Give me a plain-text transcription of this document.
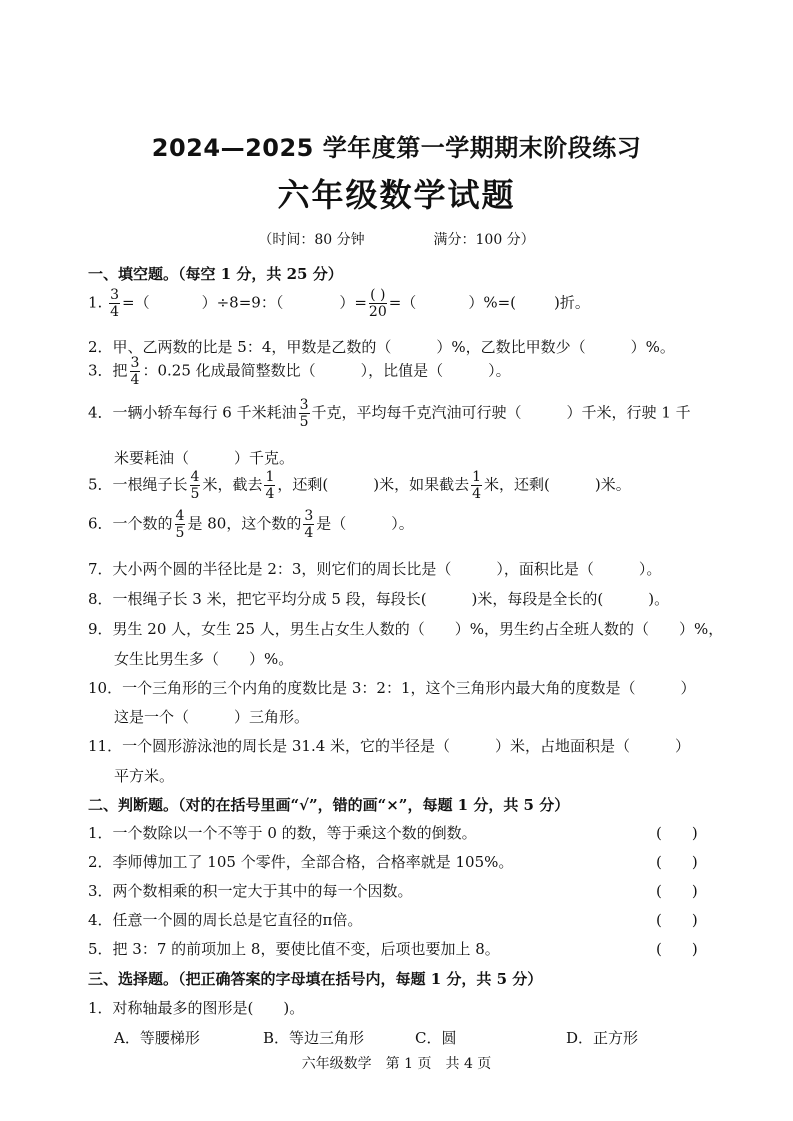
2024—2025 学年度第一学期期末阶段练习
六年级数学试题
（时间：80 分钟	满分：100 分）
一、填空题。（每空 1 分，共 25 分）
1. $\frac{3}{4}$ =（	）÷8=9：（	）= $\frac{( )}{20}$ =（	）%=(	)折。
2．甲、乙两数的比是 5：4，甲数是乙数的（　　　）%，乙数比甲数少（　　　）%。
3．把 $\frac{3}{4}$ ：0.25 化成最简整数比（　　　），比值是（　　　）。
4．一辆小轿车每行 6 千米耗油 $\frac{3}{5}$ 千克，平均每千克汽油可行驶（　　　）千米，行驶 1 千
米要耗油（　　　）千克。
5．一根绳子长 $\frac{4}{5}$ 米，截去 $\frac{1}{4}$ ，还剩(　　　)米，如果截去 $\frac{1}{4}$ 米，还剩(　　　)米。
6．一个数的 $\frac{4}{5}$ 是 80，这个数的 $\frac{3}{4}$ 是（　　　）。
7．大小两个圆的半径比是 2：3，则它们的周长比是（　　　），面积比是（　　　）。
8．一根绳子长 3 米，把它平均分成 5 段，每段长(　　　)米，每段是全长的(　　　)。
9．男生 20 人，女生 25 人，男生占女生人数的（　　）%，男生约占全班人数的（　　）%，
女生比男生多（　　）%。
10．一个三角形的三个内角的度数比是 3：2：1，这个三角形内最大角的度数是（　　　）
这是一个（　　　）三角形。
11．一个圆形游泳池的周长是 31.4 米，它的半径是（　　　）米，占地面积是（　　　）
平方米。
二、判断题。（对的在括号里画“√”，错的画“×”，每题 1 分，共 5 分）
1．一个数除以一个不等于 0 的数，等于乘这个数的倒数。	(　　)
2．李师傅加工了 105 个零件，全部合格，合格率就是 105%。	(　　)
3．两个数相乘的积一定大于其中的每一个因数。	(　　)
4．任意一个圆的周长总是它直径的π倍。	(　　)
5．把 3：7 的前项加上 8，要使比值不变，后项也要加上 8。	(　　)
三、选择题。（把正确答案的字母填在括号内，每题 1 分，共 5 分）
1．对称轴最多的图形是(　　)。
A．等腰梯形	B．等边三角形	C．圆	D．正方形
六年级数学　第 1 页　共 4 页
